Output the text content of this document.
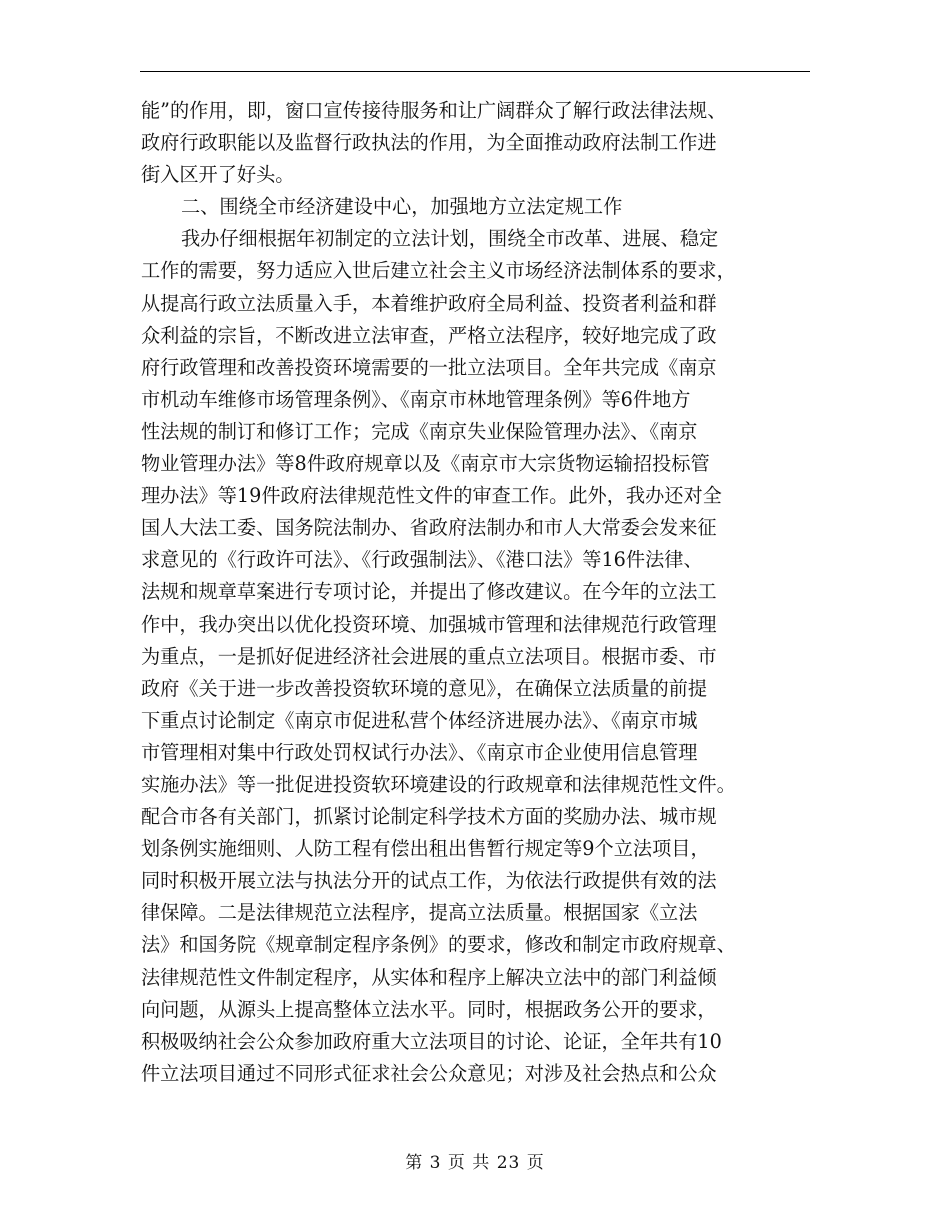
能”的作用，即，窗口宣传接待服务和让广阔群众了解行政法律法规、
政府行政职能以及监督行政执法的作用，为全面推动政府法制工作进
街入区开了好头。
二、围绕全市经济建设中心，加强地方立法定规工作
我办仔细根据年初制定的立法计划，围绕全市改革、进展、稳定
工作的需要，努力适应入世后建立社会主义市场经济法制体系的要求，
从提高行政立法质量入手，本着维护政府全局利益、投资者利益和群
众利益的宗旨，不断改进立法审查，严格立法程序，较好地完成了政
府行政管理和改善投资环境需要的一批立法项目。全年共完成《南京
市机动车维修市场管理条例》、《南京市林地管理条例》等6件地方
性法规的制订和修订工作；完成《南京失业保险管理办法》、《南京
物业管理办法》等8件政府规章以及《南京市大宗货物运输招投标管
理办法》等19件政府法律规范性文件的审查工作。此外，我办还对全
国人大法工委、国务院法制办、省政府法制办和市人大常委会发来征
求意见的《行政许可法》、《行政强制法》、《港口法》等16件法律、
法规和规章草案进行专项讨论，并提出了修改建议。在今年的立法工
作中，我办突出以优化投资环境、加强城市管理和法律规范行政管理
为重点，一是抓好促进经济社会进展的重点立法项目。根据市委、市
政府《关于进一步改善投资软环境的意见》，在确保立法质量的前提
下重点讨论制定《南京市促进私营个体经济进展办法》、《南京市城
市管理相对集中行政处罚权试行办法》、《南京市企业使用信息管理
实施办法》等一批促进投资软环境建设的行政规章和法律规范性文件。
配合市各有关部门，抓紧讨论制定科学技术方面的奖励办法、城市规
划条例实施细则、人防工程有偿出租出售暂行规定等9个立法项目，
同时积极开展立法与执法分开的试点工作，为依法行政提供有效的法
律保障。二是法律规范立法程序，提高立法质量。根据国家《立法
法》和国务院《规章制定程序条例》的要求，修改和制定市政府规章、
法律规范性文件制定程序，从实体和程序上解决立法中的部门利益倾
向问题，从源头上提高整体立法水平。同时，根据政务公开的要求，
积极吸纳社会公众参加政府重大立法项目的讨论、论证，全年共有10
件立法项目通过不同形式征求社会公众意见；对涉及社会热点和公众
第 3 页 共 23 页
